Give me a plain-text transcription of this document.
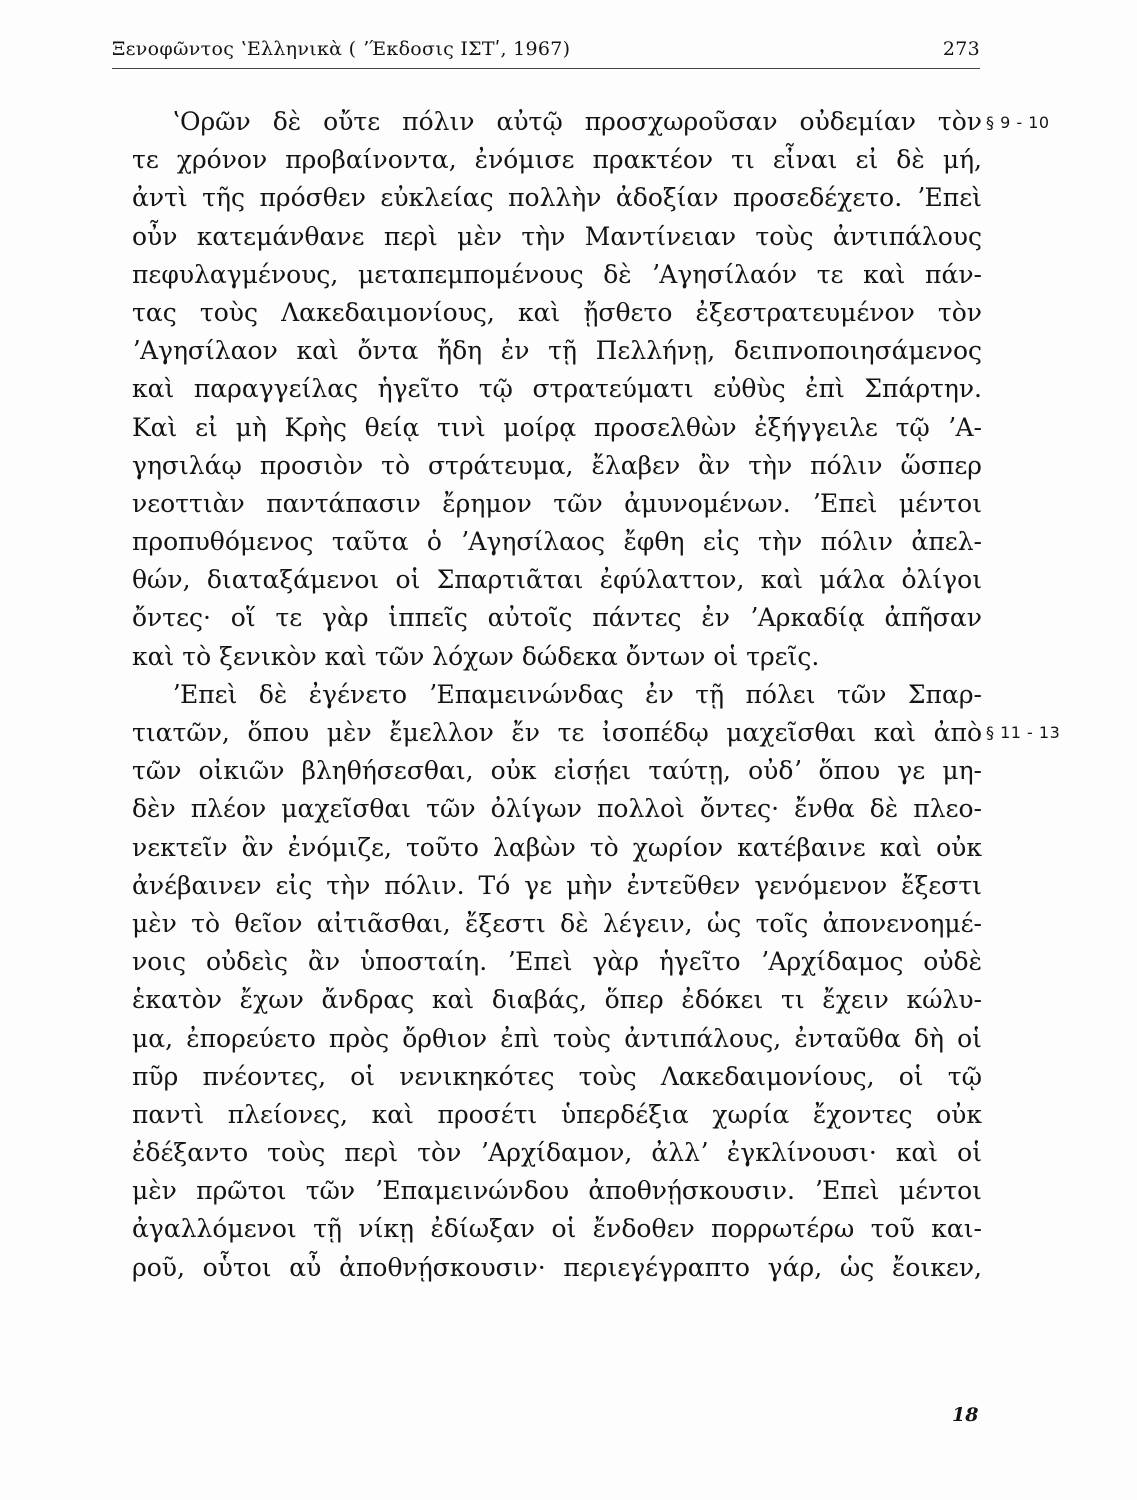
Ξενοφῶντος ʽΕλληνικὰ ( ʼΈκδοσις ΙΣΤʹ, 1967)	273
§ 9 - 10
§ 11 - 13
ʽΟρῶν δὲ οὔτε πόλιν αὐτῷ προσχωροῦσαν οὐδεμίαν τὸν
τε χρόνον προβαίνοντα, ἐνόμισε πρακτέον τι εἶναι εἰ δὲ μή,
ἀντὶ τῆς πρόσθεν εὐκλείας πολλὴν ἀδοξίαν προσεδέχετο. ʼΕπεὶ
οὖν κατεμάνθανε περὶ μὲν τὴν Μαντίνειαν τοὺς ἀντιπάλους
πεφυλαγμένους, μεταπεμπομένους δὲ ʼΑγησίλαόν τε καὶ πάν-
τας τοὺς Λακεδαιμονίους, καὶ ᾔσθετο ἐξεστρατευμένον τὸν
ʼΑγησίλαον καὶ ὄντα ἤδη ἐν τῇ Πελλήνῃ, δειπνοποιησάμενος
καὶ παραγγείλας ἡγεῖτο τῷ στρατεύματι εὐθὺς ἐπὶ Σπάρτην.
Καὶ εἰ μὴ Κρὴς θείᾳ τινὶ μοίρᾳ προσελθὼν ἐξήγγειλε τῷ ʼΑ-
γησιλάῳ προσιὸν τὸ στράτευμα, ἔλαβεν ἂν τὴν πόλιν ὥσπερ
νεοττιὰν παντάπασιν ἔρημον τῶν ἀμυνομένων. ʼΕπεὶ μέντοι
προπυθόμενος ταῦτα ὁ ʼΑγησίλαος ἔφθη εἰς τὴν πόλιν ἀπελ-
θών, διαταξάμενοι οἱ Σπαρτιᾶται ἐφύλαττον, καὶ μάλα ὀλίγοι
ὄντες· οἵ τε γὰρ ἱππεῖς αὐτοῖς πάντες ἐν ʼΑρκαδίᾳ ἀπῆσαν
καὶ τὸ ξενικὸν καὶ τῶν λόχων δώδεκα ὄντων οἱ τρεῖς.
ʼΕπεὶ δὲ ἐγένετο ʼΕπαμεινώνδας ἐν τῇ πόλει τῶν Σπαρ-
τιατῶν, ὅπου μὲν ἔμελλον ἔν τε ἰσοπέδῳ μαχεῖσθαι καὶ ἀπὸ
τῶν οἰκιῶν βληθήσεσθαι, οὐκ εἰσῄει ταύτῃ, οὐδʼ ὅπου γε μη-
δὲν πλέον μαχεῖσθαι τῶν ὀλίγων πολλοὶ ὄντες· ἔνθα δὲ πλεο-
νεκτεῖν ἂν ἐνόμιζε, τοῦτο λαβὼν τὸ χωρίον κατέβαινε καὶ οὐκ
ἀνέβαινεν εἰς τὴν πόλιν. Τό γε μὴν ἐντεῦθεν γενόμενον ἔξεστι
μὲν τὸ θεῖον αἰτιᾶσθαι, ἔξεστι δὲ λέγειν, ὡς τοῖς ἀπονενοημέ-
νοις οὐδεὶς ἂν ὑποσταίη. ʼΕπεὶ γὰρ ἡγεῖτο ʼΑρχίδαμος οὐδὲ
ἑκατὸν ἔχων ἄνδρας καὶ διαβάς, ὅπερ ἐδόκει τι ἔχειν κώλυ-
μα, ἐπορεύετο πρὸς ὄρθιον ἐπὶ τοὺς ἀντιπάλους, ἐνταῦθα δὴ οἱ
πῦρ πνέοντες, οἱ νενικηκότες τοὺς Λακεδαιμονίους, οἱ τῷ
παντὶ πλείονες, καὶ προσέτι ὑπερδέξια χωρία ἔχοντες οὐκ
ἐδέξαντο τοὺς περὶ τὸν ʼΑρχίδαμον, ἀλλʼ ἐγκλίνουσι· καὶ οἱ
μὲν πρῶτοι τῶν ʼΕπαμεινώνδου ἀποθνῄσκουσιν. ʼΕπεὶ μέντοι
ἀγαλλόμενοι τῇ νίκῃ ἐδίωξαν οἱ ἔνδοθεν πορρωτέρω τοῦ και-
ροῦ, οὗτοι αὖ ἀποθνῄσκουσιν· περιεγέγραπτο γάρ, ὡς ἔοικεν,
18
